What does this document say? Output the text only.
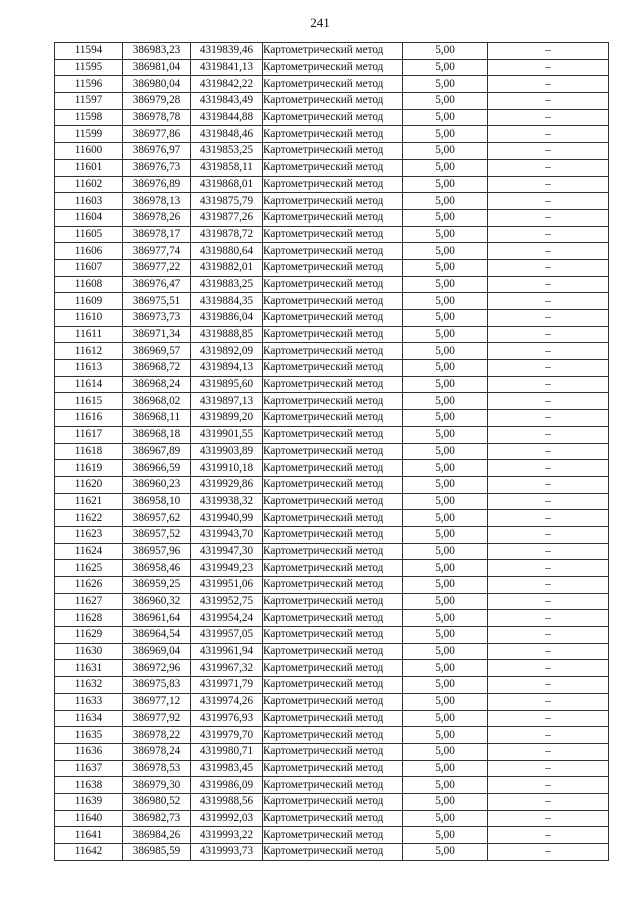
241
11594	386983,23	4319839,46	Картометрический метод	5,00	–
11595	386981,04	4319841,13	Картометрический метод	5,00	–
11596	386980,04	4319842,22	Картометрический метод	5,00	–
11597	386979,28	4319843,49	Картометрический метод	5,00	–
11598	386978,78	4319844,88	Картометрический метод	5,00	–
11599	386977,86	4319848,46	Картометрический метод	5,00	–
11600	386976,97	4319853,25	Картометрический метод	5,00	–
11601	386976,73	4319858,11	Картометрический метод	5,00	–
11602	386976,89	4319868,01	Картометрический метод	5,00	–
11603	386978,13	4319875,79	Картометрический метод	5,00	–
11604	386978,26	4319877,26	Картометрический метод	5,00	–
11605	386978,17	4319878,72	Картометрический метод	5,00	–
11606	386977,74	4319880,64	Картометрический метод	5,00	–
11607	386977,22	4319882,01	Картометрический метод	5,00	–
11608	386976,47	4319883,25	Картометрический метод	5,00	–
11609	386975,51	4319884,35	Картометрический метод	5,00	–
11610	386973,73	4319886,04	Картометрический метод	5,00	–
11611	386971,34	4319888,85	Картометрический метод	5,00	–
11612	386969,57	4319892,09	Картометрический метод	5,00	–
11613	386968,72	4319894,13	Картометрический метод	5,00	–
11614	386968,24	4319895,60	Картометрический метод	5,00	–
11615	386968,02	4319897,13	Картометрический метод	5,00	–
11616	386968,11	4319899,20	Картометрический метод	5,00	–
11617	386968,18	4319901,55	Картометрический метод	5,00	–
11618	386967,89	4319903,89	Картометрический метод	5,00	–
11619	386966,59	4319910,18	Картометрический метод	5,00	–
11620	386960,23	4319929,86	Картометрический метод	5,00	–
11621	386958,10	4319938,32	Картометрический метод	5,00	–
11622	386957,62	4319940,99	Картометрический метод	5,00	–
11623	386957,52	4319943,70	Картометрический метод	5,00	–
11624	386957,96	4319947,30	Картометрический метод	5,00	–
11625	386958,46	4319949,23	Картометрический метод	5,00	–
11626	386959,25	4319951,06	Картометрический метод	5,00	–
11627	386960,32	4319952,75	Картометрический метод	5,00	–
11628	386961,64	4319954,24	Картометрический метод	5,00	–
11629	386964,54	4319957,05	Картометрический метод	5,00	–
11630	386969,04	4319961,94	Картометрический метод	5,00	–
11631	386972,96	4319967,32	Картометрический метод	5,00	–
11632	386975,83	4319971,79	Картометрический метод	5,00	–
11633	386977,12	4319974,26	Картометрический метод	5,00	–
11634	386977,92	4319976,93	Картометрический метод	5,00	–
11635	386978,22	4319979,70	Картометрический метод	5,00	–
11636	386978,24	4319980,71	Картометрический метод	5,00	–
11637	386978,53	4319983,45	Картометрический метод	5,00	–
11638	386979,30	4319986,09	Картометрический метод	5,00	–
11639	386980,52	4319988,56	Картометрический метод	5,00	–
11640	386982,73	4319992,03	Картометрический метод	5,00	–
11641	386984,26	4319993,22	Картометрический метод	5,00	–
11642	386985,59	4319993,73	Картометрический метод	5,00	–
